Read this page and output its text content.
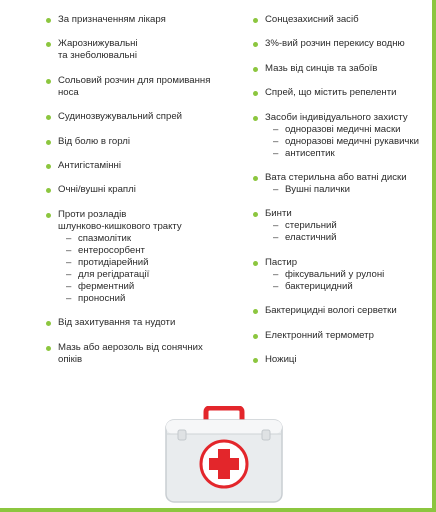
За призначенням лікаря
Жарознижувальні
та знеболювальні
Сольовий розчин для промивання
носа
Судинозвужувальний спрей
Від болю в горлі
Антигістамінні
Очні/вушні краплі
Проти розладів
шлунково-кишкового тракту
– спазмолітик
– ентеросорбент
– протидіарейний
– для регідратації
– ферментний
– проносний
Від захитування та нудоти
Мазь або аерозоль від сонячних
опіків
Сонцезахисний засіб
3%-вий розчин перекису водню
Мазь від синців та забоїв
Спрей, що містить репеленти
Засоби індивідуального захисту
– одноразові медичні маски
– одноразові медичні рукавички
– антисептик
Вата стерильна або ватні диски
– Вушні палички
Бинти
– стерильний
– еластичний
Пастир
– фіксувальний у рулоні
– бактерицидний
Бактерицидні вологі серветки
Електронний термометр
Ножиці
